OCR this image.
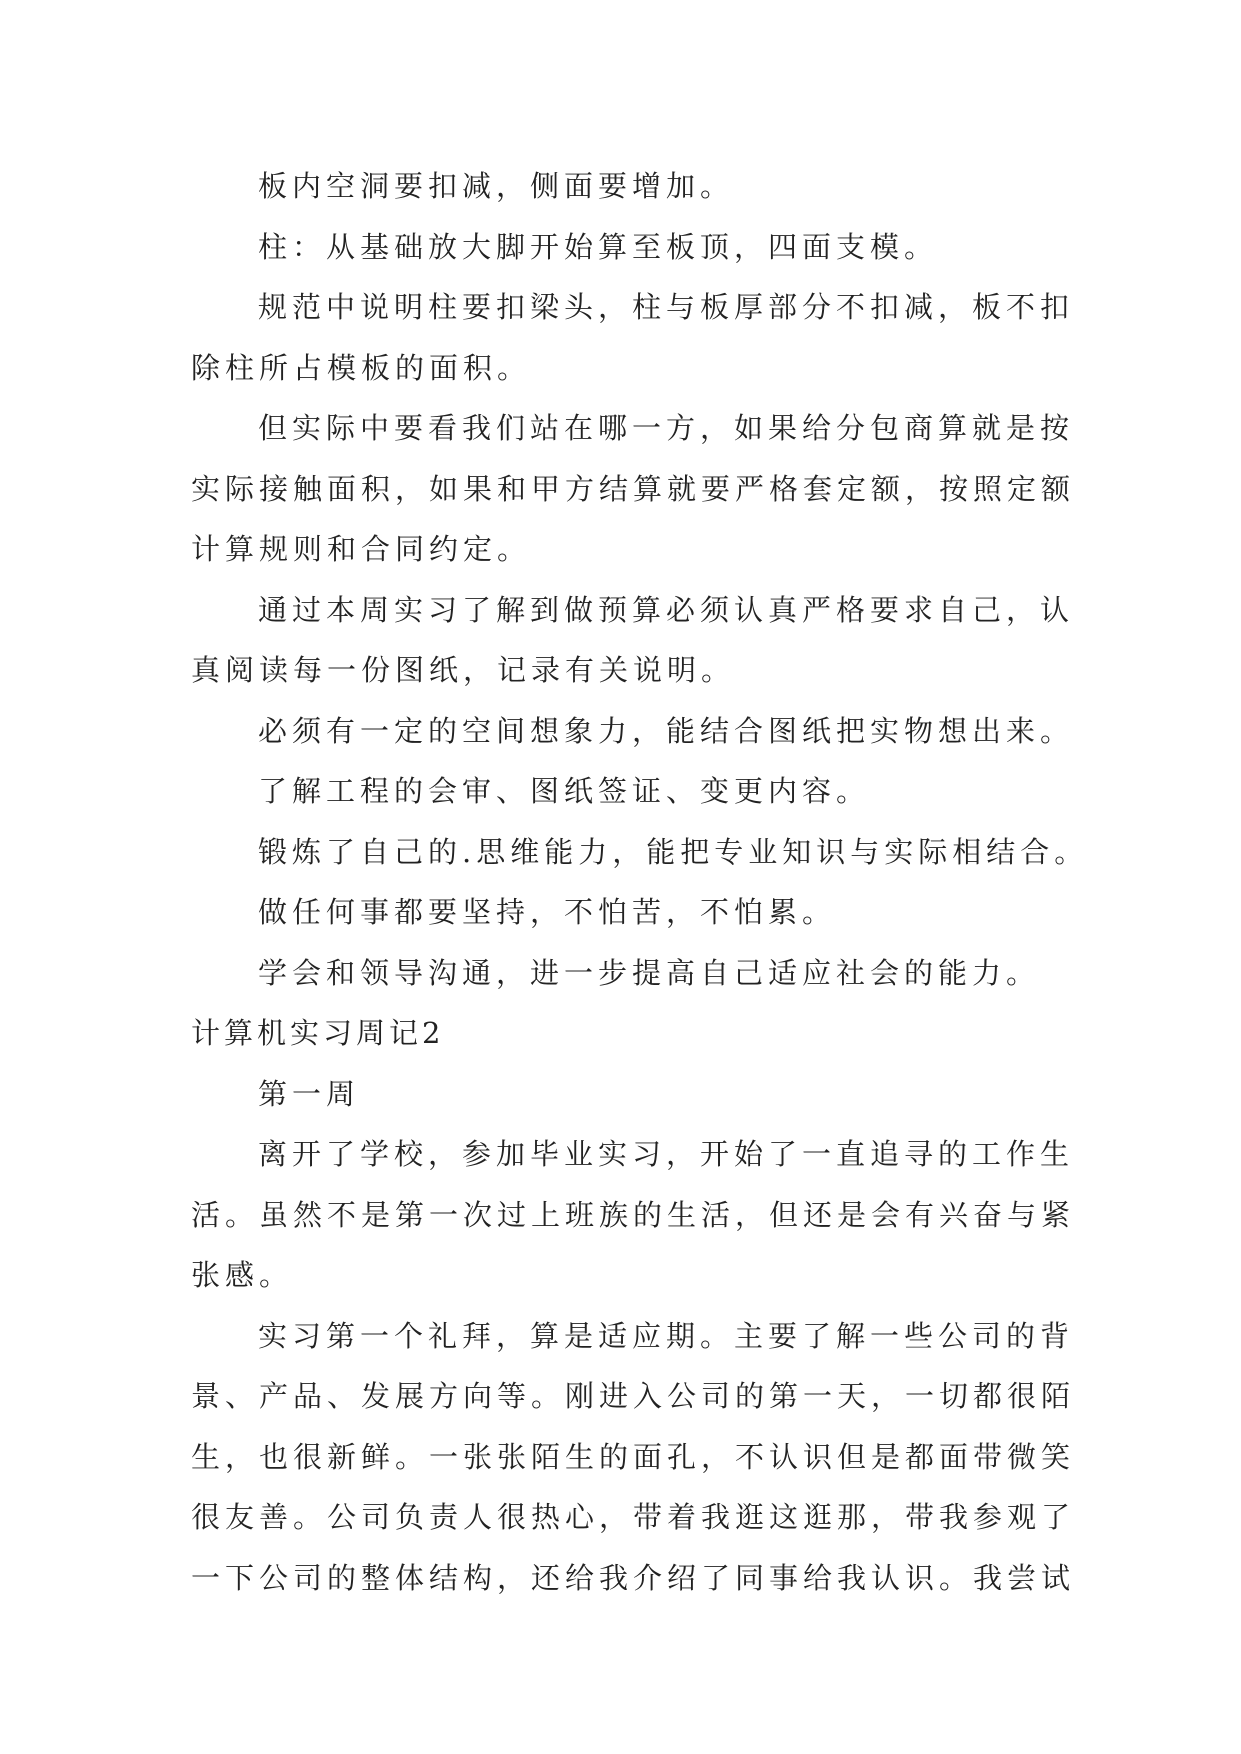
板内空洞要扣减，侧面要增加。

柱：从基础放大脚开始算至板顶，四面支模。

规范中说明柱要扣梁头，柱与板厚部分不扣减，板不扣

除柱所占模板的面积。

但实际中要看我们站在哪一方，如果给分包商算就是按

实际接触面积，如果和甲方结算就要严格套定额，按照定额

计算规则和合同约定。

通过本周实习了解到做预算必须认真严格要求自己，认

真阅读每一份图纸，记录有关说明。

必须有一定的空间想象力，能结合图纸把实物想出来。

了解工程的会审、图纸签证、变更内容。

锻炼了自己的.思维能力，能把专业知识与实际相结合。

做任何事都要坚持，不怕苦，不怕累。

学会和领导沟通，进一步提高自己适应社会的能力。

计算机实习周记2

第一周

离开了学校，参加毕业实习，开始了一直追寻的工作生

活。虽然不是第一次过上班族的生活，但还是会有兴奋与紧

张感。

实习第一个礼拜，算是适应期。主要了解一些公司的背

景、产品、发展方向等。刚进入公司的第一天，一切都很陌

生，也很新鲜。一张张陌生的面孔，不认识但是都面带微笑

很友善。公司负责人很热心，带着我逛这逛那，带我参观了

一下公司的整体结构，还给我介绍了同事给我认识。我尝试
